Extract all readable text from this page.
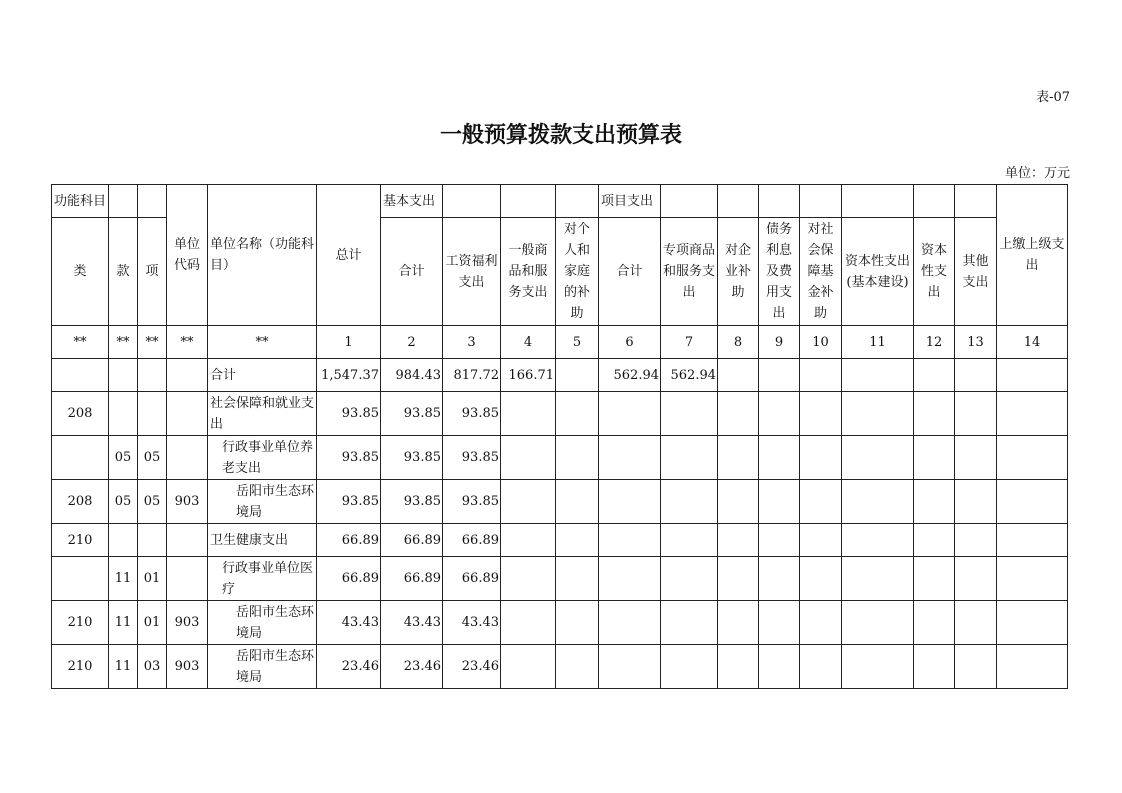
表-07
一般预算拨款支出预算表
单位：万元
功能科目			单位代码	单位名称（功能科目）	总计	基本支出				项目支出								上缴上级支出
类	款	项				合计	工资福利支出	一般商品和服务支出	对个人和家庭的补助	合计	专项商品和服务支出	对企业补助	债务利息及费用支出	对社会保障基金补助	资本性支出(基本建设)	资本性支出	其他支出	
**	**	**	**	**	1	2	3	4	5	6	7	8	9	10	11	12	13	14
				合计	1,547.37	984.43	817.72	166.71		562.94	562.94							
208				社会保障和就业支出	93.85	93.85	93.85											
	05	05		行政事业单位养老支出	93.85	93.85	93.85											
208	05	05	903	岳阳市生态环境局	93.85	93.85	93.85											
210				卫生健康支出	66.89	66.89	66.89											
	11	01		行政事业单位医疗	66.89	66.89	66.89											
210	11	01	903	岳阳市生态环境局	43.43	43.43	43.43											
210	11	03	903	岳阳市生态环境局	23.46	23.46	23.46											
